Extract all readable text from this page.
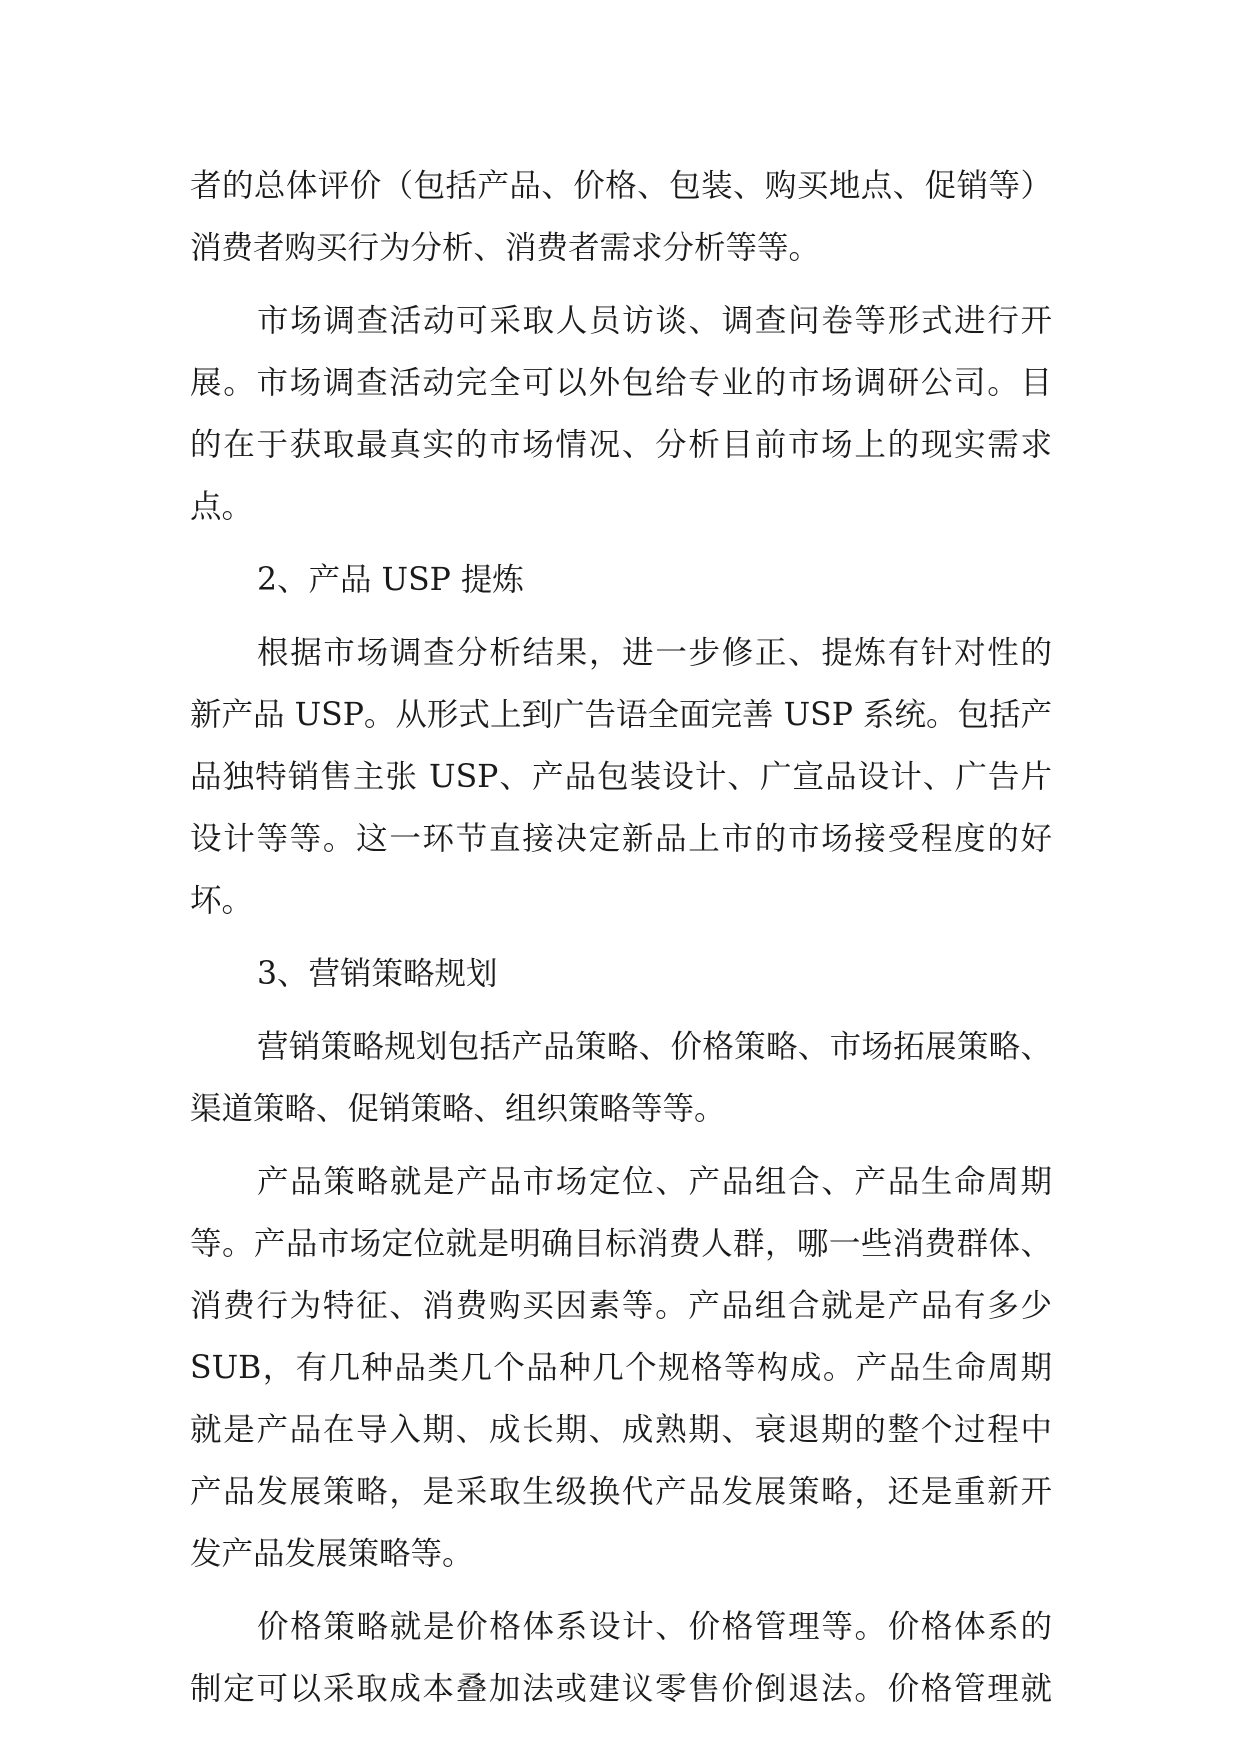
者的总体评价（包括产品、价格、包装、购买地点、促销等）
消费者购买行为分析、消费者需求分析等等。
市场调查活动可采取人员访谈、调查问卷等形式进行开
展。市场调查活动完全可以外包给专业的市场调研公司。目
的在于获取最真实的市场情况、分析目前市场上的现实需求
点。
2、产品 USP 提炼
根据市场调查分析结果，进一步修正、提炼有针对性的
新产品 USP。从形式上到广告语全面完善 USP 系统。包括产
品独特销售主张 USP、产品包装设计、广宣品设计、广告片
设计等等。这一环节直接决定新品上市的市场接受程度的好
坏。
3、营销策略规划
营销策略规划包括产品策略、价格策略、市场拓展策略、
渠道策略、促销策略、组织策略等等。
产品策略就是产品市场定位、产品组合、产品生命周期
等。产品市场定位就是明确目标消费人群，哪一些消费群体、
消费行为特征、消费购买因素等。产品组合就是产品有多少
SUB，有几种品类几个品种几个规格等构成。产品生命周期
就是产品在导入期、成长期、成熟期、衰退期的整个过程中
产品发展策略，是采取生级换代产品发展策略，还是重新开
发产品发展策略等。
价格策略就是价格体系设计、价格管理等。价格体系的
制定可以采取成本叠加法或建议零售价倒退法。价格管理就
